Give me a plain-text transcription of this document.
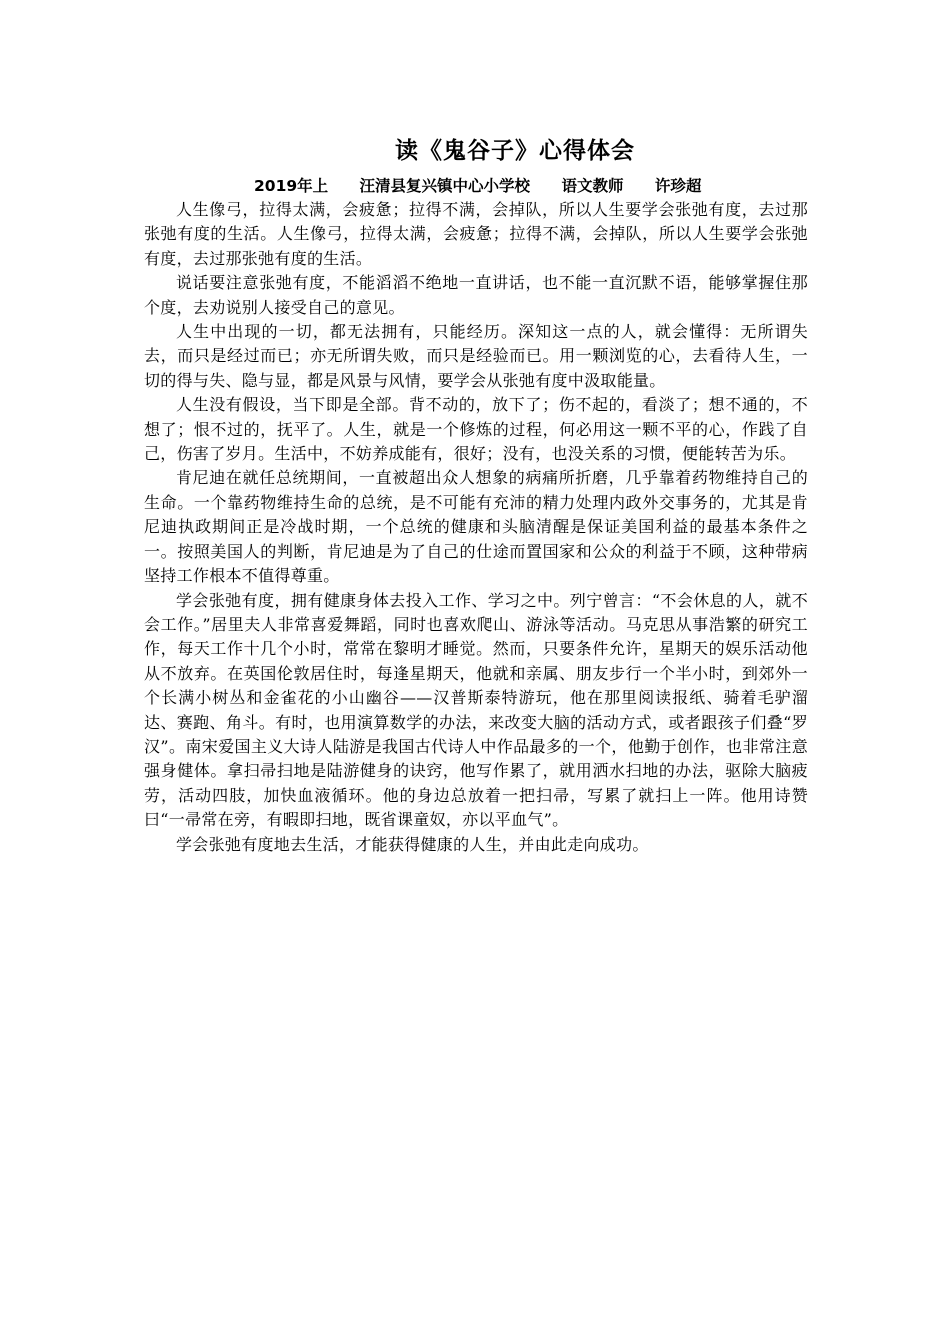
读《鬼谷子》心得体会
2019年上 汪清县复兴镇中心小学校 语文教师 许珍超

人生像弓，拉得太满，会疲惫；拉得不满，会掉队，所以人生要学会张弛有度，去过那张弛有度的生活。人生像弓，拉得太满，会疲惫；拉得不满，会掉队，所以人生要学会张弛有度，去过那张弛有度的生活。

说话要注意张弛有度，不能滔滔不绝地一直讲话，也不能一直沉默不语，能够掌握住那个度，去劝说别人接受自己的意见。

人生中出现的一切，都无法拥有，只能经历。深知这一点的人，就会懂得：无所谓失去，而只是经过而已；亦无所谓失败，而只是经验而已。用一颗浏览的心，去看待人生，一切的得与失、隐与显，都是风景与风情，要学会从张弛有度中汲取能量。

人生没有假设，当下即是全部。背不动的，放下了；伤不起的，看淡了；想不通的，不想了；恨不过的，抚平了。人生，就是一个修炼的过程，何必用这一颗不平的心，作践了自己，伤害了岁月。生活中，不妨养成能有，很好；没有，也没关系的习惯，便能转苦为乐。

肯尼迪在就任总统期间，一直被超出众人想象的病痛所折磨，几乎靠着药物维持自己的生命。一个靠药物维持生命的总统，是不可能有充沛的精力处理内政外交事务的，尤其是肯尼迪执政期间正是冷战时期，一个总统的健康和头脑清醒是保证美国利益的最基本条件之一。按照美国人的判断，肯尼迪是为了自己的仕途而置国家和公众的利益于不顾，这种带病坚持工作根本不值得尊重。

学会张弛有度，拥有健康身体去投入工作、学习之中。列宁曾言：“不会休息的人，就不会工作。”居里夫人非常喜爱舞蹈，同时也喜欢爬山、游泳等活动。马克思从事浩繁的研究工作，每天工作十几个小时，常常在黎明才睡觉。然而，只要条件允许，星期天的娱乐活动他从不放弃。在英国伦敦居住时，每逢星期天，他就和亲属、朋友步行一个半小时，到郊外一个长满小树丛和金雀花的小山幽谷——汉普斯泰特游玩，他在那里阅读报纸、骑着毛驴溜达、赛跑、角斗。有时，也用演算数学的办法，来改变大脑的活动方式，或者跟孩子们叠“罗汉”。南宋爱国主义大诗人陆游是我国古代诗人中作品最多的一个，他勤于创作，也非常注意强身健体。拿扫帚扫地是陆游健身的诀窍，他写作累了，就用洒水扫地的办法，驱除大脑疲劳，活动四肢，加快血液循环。他的身边总放着一把扫帚，写累了就扫上一阵。他用诗赞曰“一帚常在旁，有暇即扫地，既省课童奴，亦以平血气”。

学会张弛有度地去生活，才能获得健康的人生，并由此走向成功。
